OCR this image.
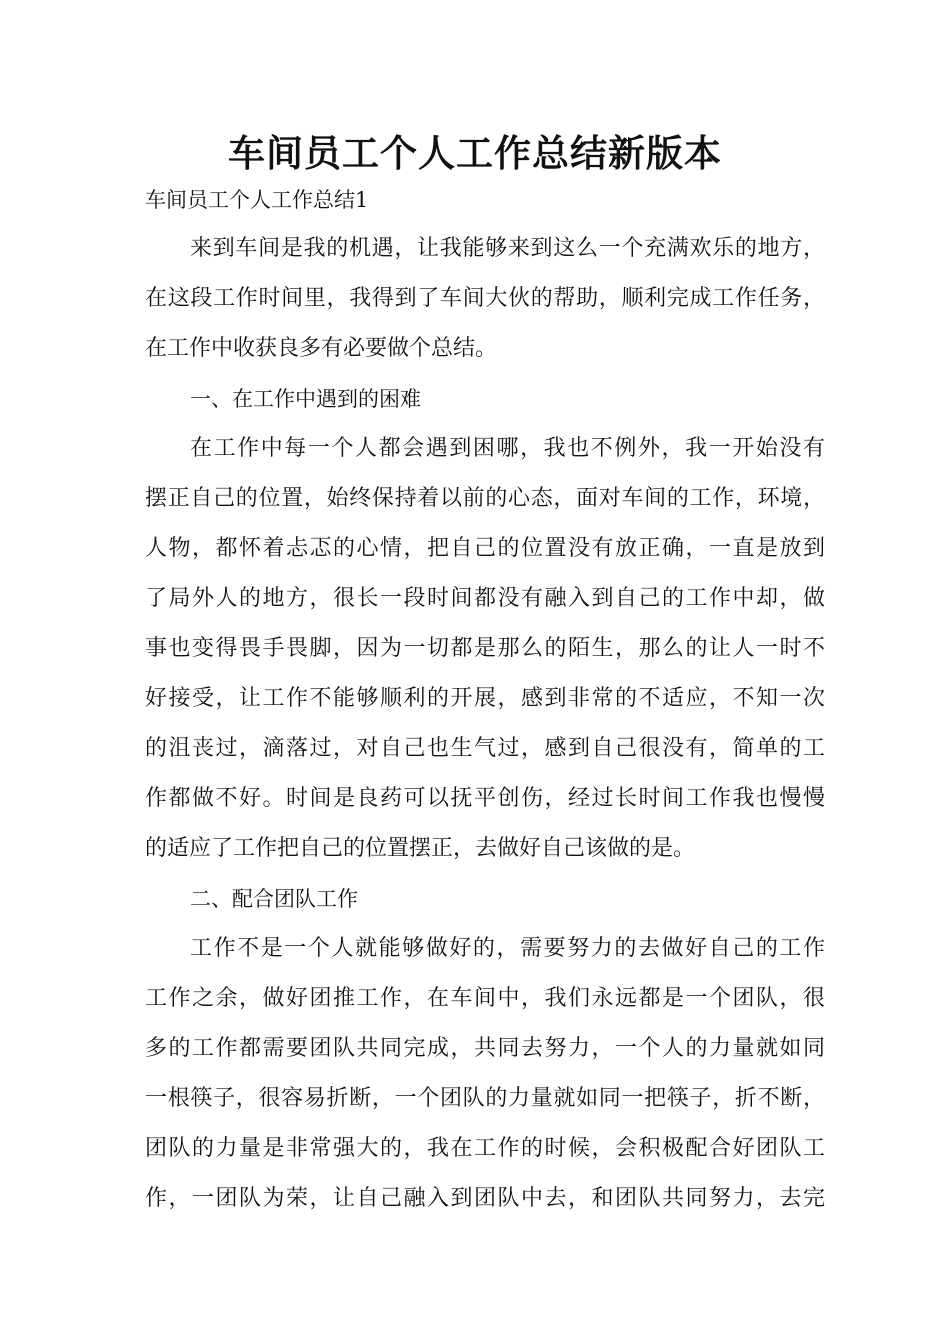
车间员工个人工作总结新版本
车间员工个人工作总结1
来到车间是我的机遇，让我能够来到这么一个充满欢乐的地方，
在这段工作时间里，我得到了车间大伙的帮助，顺利完成工作任务，
在工作中收获良多有必要做个总结。
一、在工作中遇到的困难
在工作中每一个人都会遇到困哪，我也不例外，我一开始没有
摆正自己的位置，始终保持着以前的心态，面对车间的工作，环境，
人物，都怀着忐忑的心情，把自己的位置没有放正确，一直是放到
了局外人的地方，很长一段时间都没有融入到自己的工作中却，做
事也变得畏手畏脚，因为一切都是那么的陌生，那么的让人一时不
好接受，让工作不能够顺利的开展，感到非常的不适应，不知一次
的沮丧过，滴落过，对自己也生气过，感到自己很没有，简单的工
作都做不好。时间是良药可以抚平创伤，经过长时间工作我也慢慢
的适应了工作把自己的位置摆正，去做好自己该做的是。
二、配合团队工作
工作不是一个人就能够做好的，需要努力的去做好自己的工作
工作之余，做好团推工作，在车间中，我们永远都是一个团队，很
多的工作都需要团队共同完成，共同去努力，一个人的力量就如同
一根筷子，很容易折断，一个团队的力量就如同一把筷子，折不断，
团队的力量是非常强大的，我在工作的时候，会积极配合好团队工
作，一团队为荣，让自己融入到团队中去，和团队共同努力，去完
